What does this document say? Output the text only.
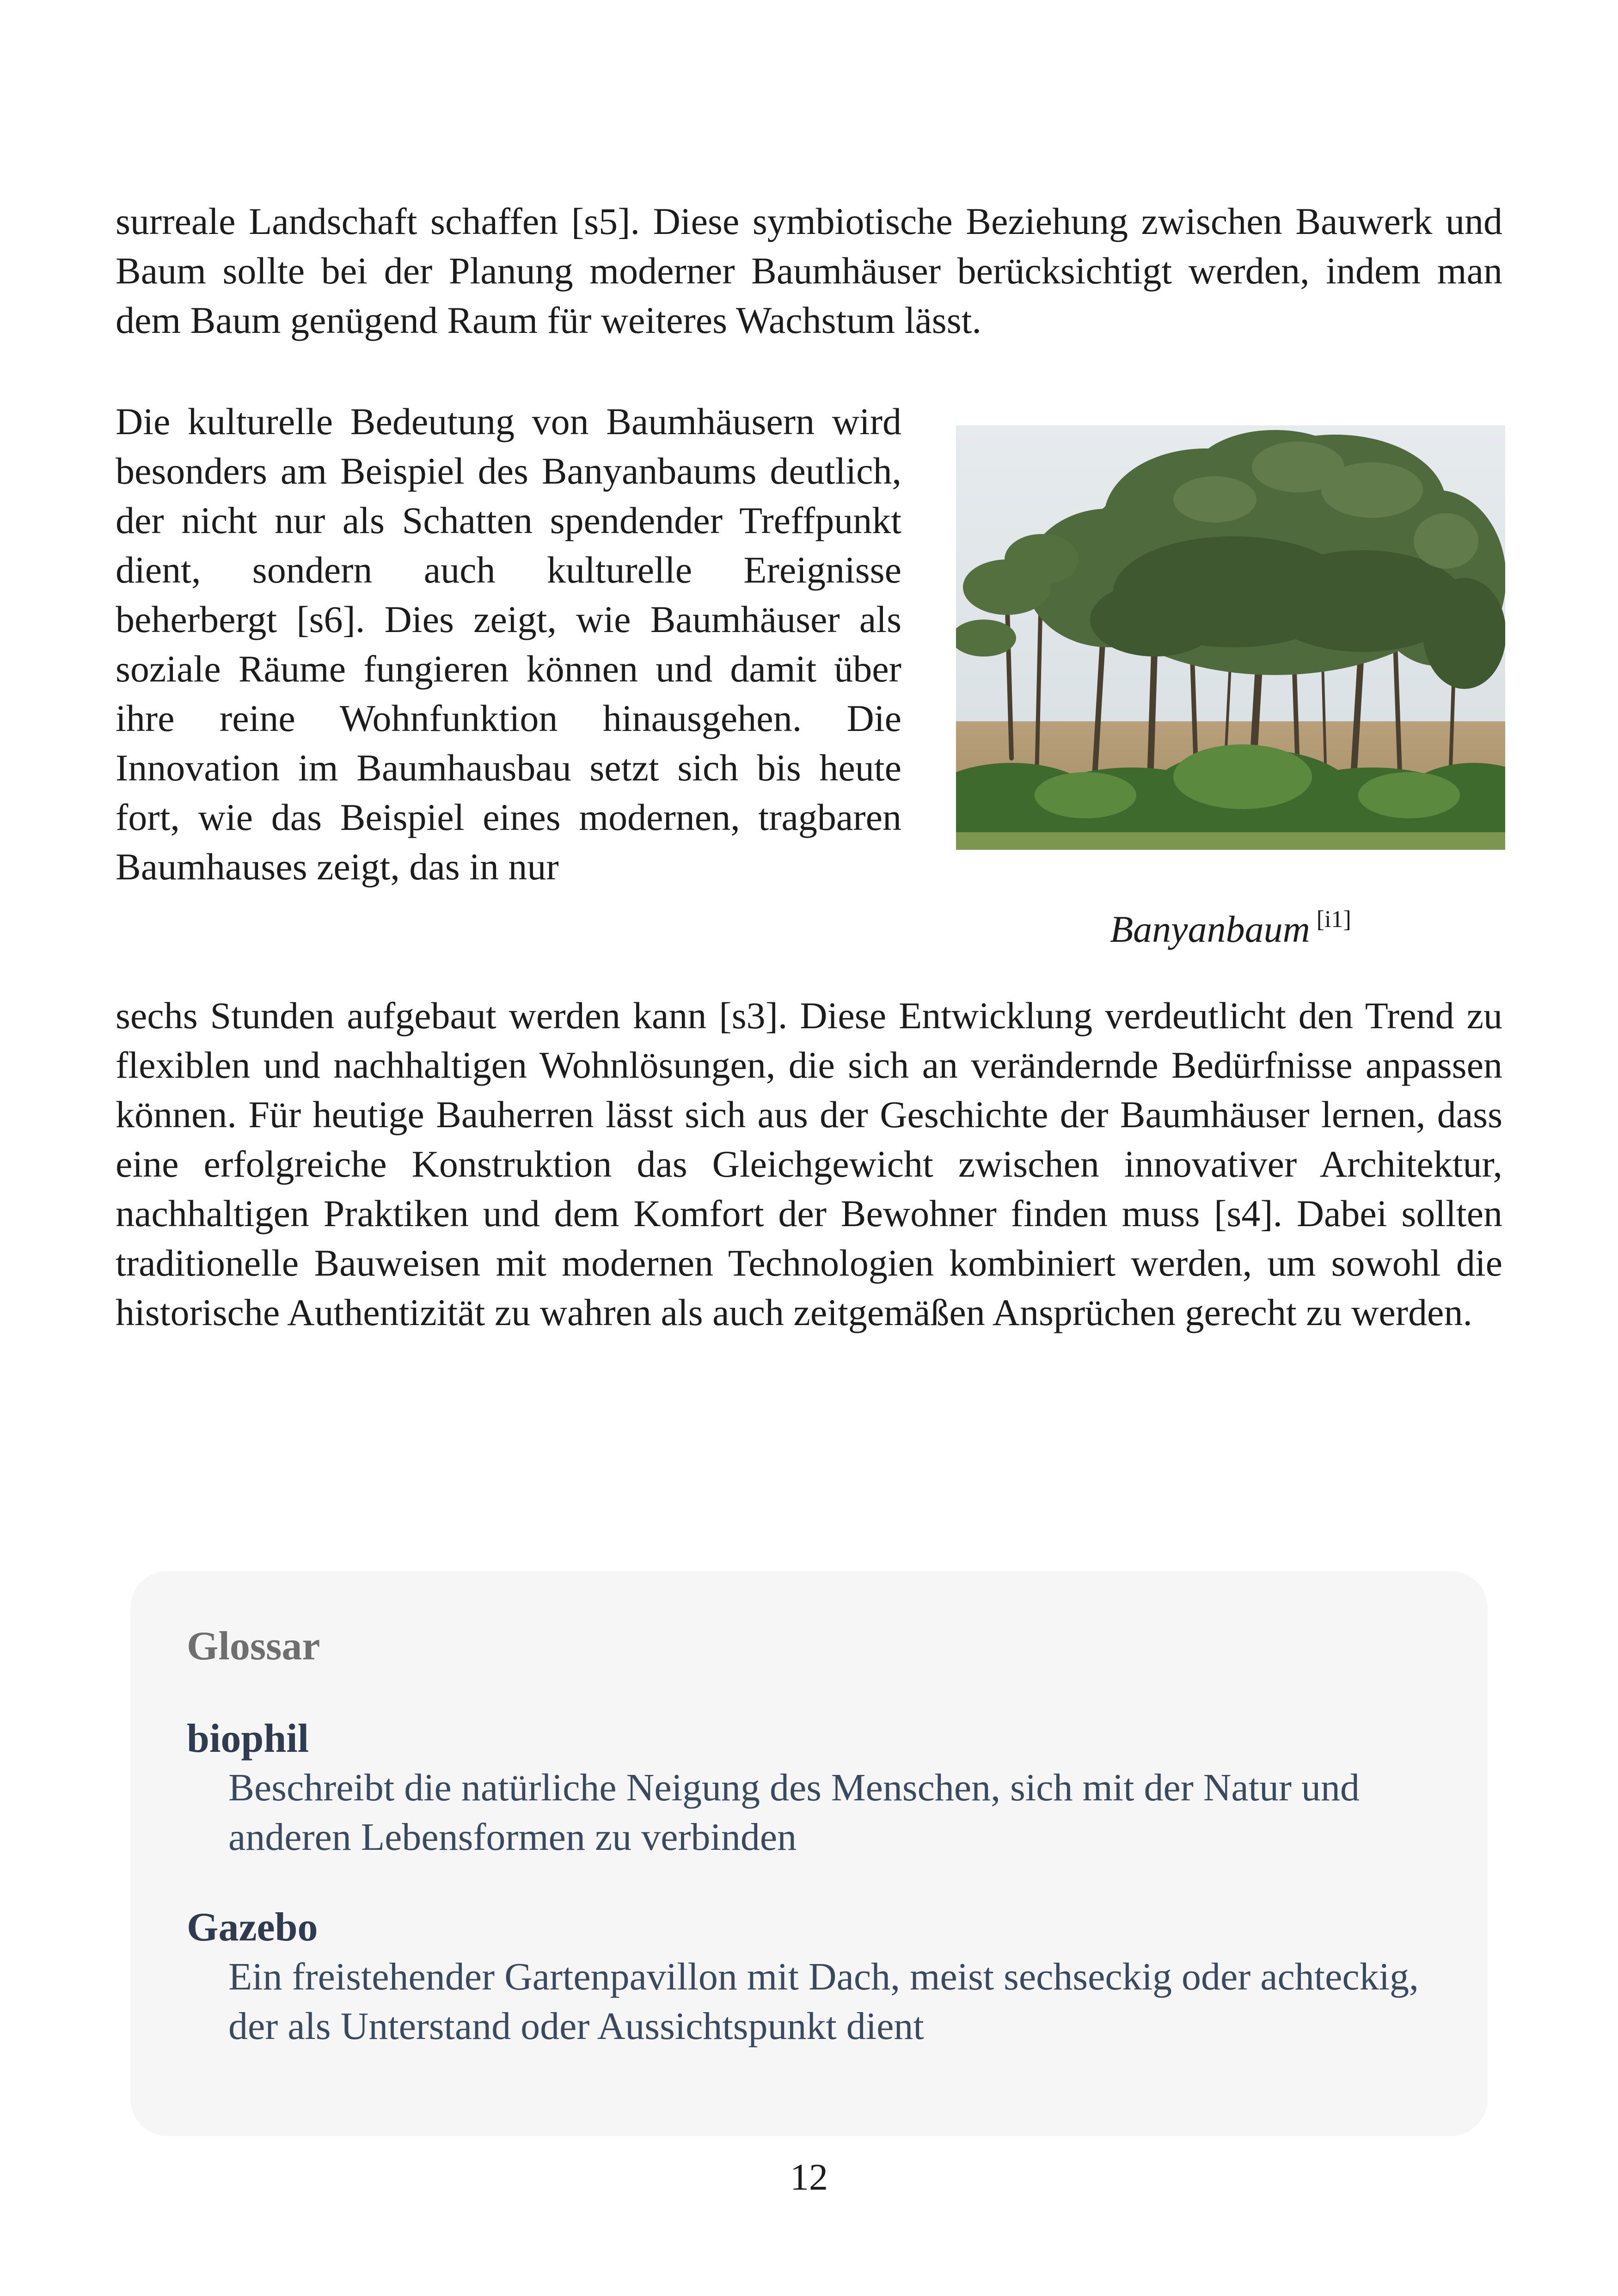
surreale Landschaft schaffen [s5]. Diese symbiotische Beziehung zwischen Bauwerk und Baum sollte bei der Planung moderner Baumhäuser berücksichtigt werden, indem man dem Baum genügend Raum für weiteres Wachstum lässt.

Die kulturelle Bedeutung von Baumhäusern wird besonders am Beispiel des Banyanbaums deutlich, der nicht nur als Schatten spendender Treffpunkt dient, sondern auch kulturelle Ereignisse beherbergt [s6]. Dies zeigt, wie Baumhäuser als soziale Räume fungieren können und damit über ihre reine Wohnfunktion hinausgehen. Die Innovation im Baumhausbau setzt sich bis heute fort, wie das Beispiel eines modernen, tragbaren Baumhauses zeigt, das in nur

Banyanbaum [i1]

sechs Stunden aufgebaut werden kann [s3]. Diese Entwicklung verdeutlicht den Trend zu flexiblen und nachhaltigen Wohnlösungen, die sich an verändernde Bedürfnisse anpassen können. Für heutige Bauherren lässt sich aus der Geschichte der Baumhäuser lernen, dass eine erfolgreiche Konstruktion das Gleichgewicht zwischen innovativer Architektur, nachhaltigen Praktiken und dem Komfort der Bewohner finden muss [s4]. Dabei sollten traditionelle Bauweisen mit modernen Technologien kombiniert werden, um sowohl die historische Authentizität zu wahren als auch zeitgemäßen Ansprüchen gerecht zu werden.

Glossar

biophil

Beschreibt die natürliche Neigung des Menschen, sich mit der Natur und anderen Lebensformen zu verbinden

Gazebo

Ein freistehender Gartenpavillon mit Dach, meist sechseckig oder achteckig, der als Unterstand oder Aussichtspunkt dient

12
